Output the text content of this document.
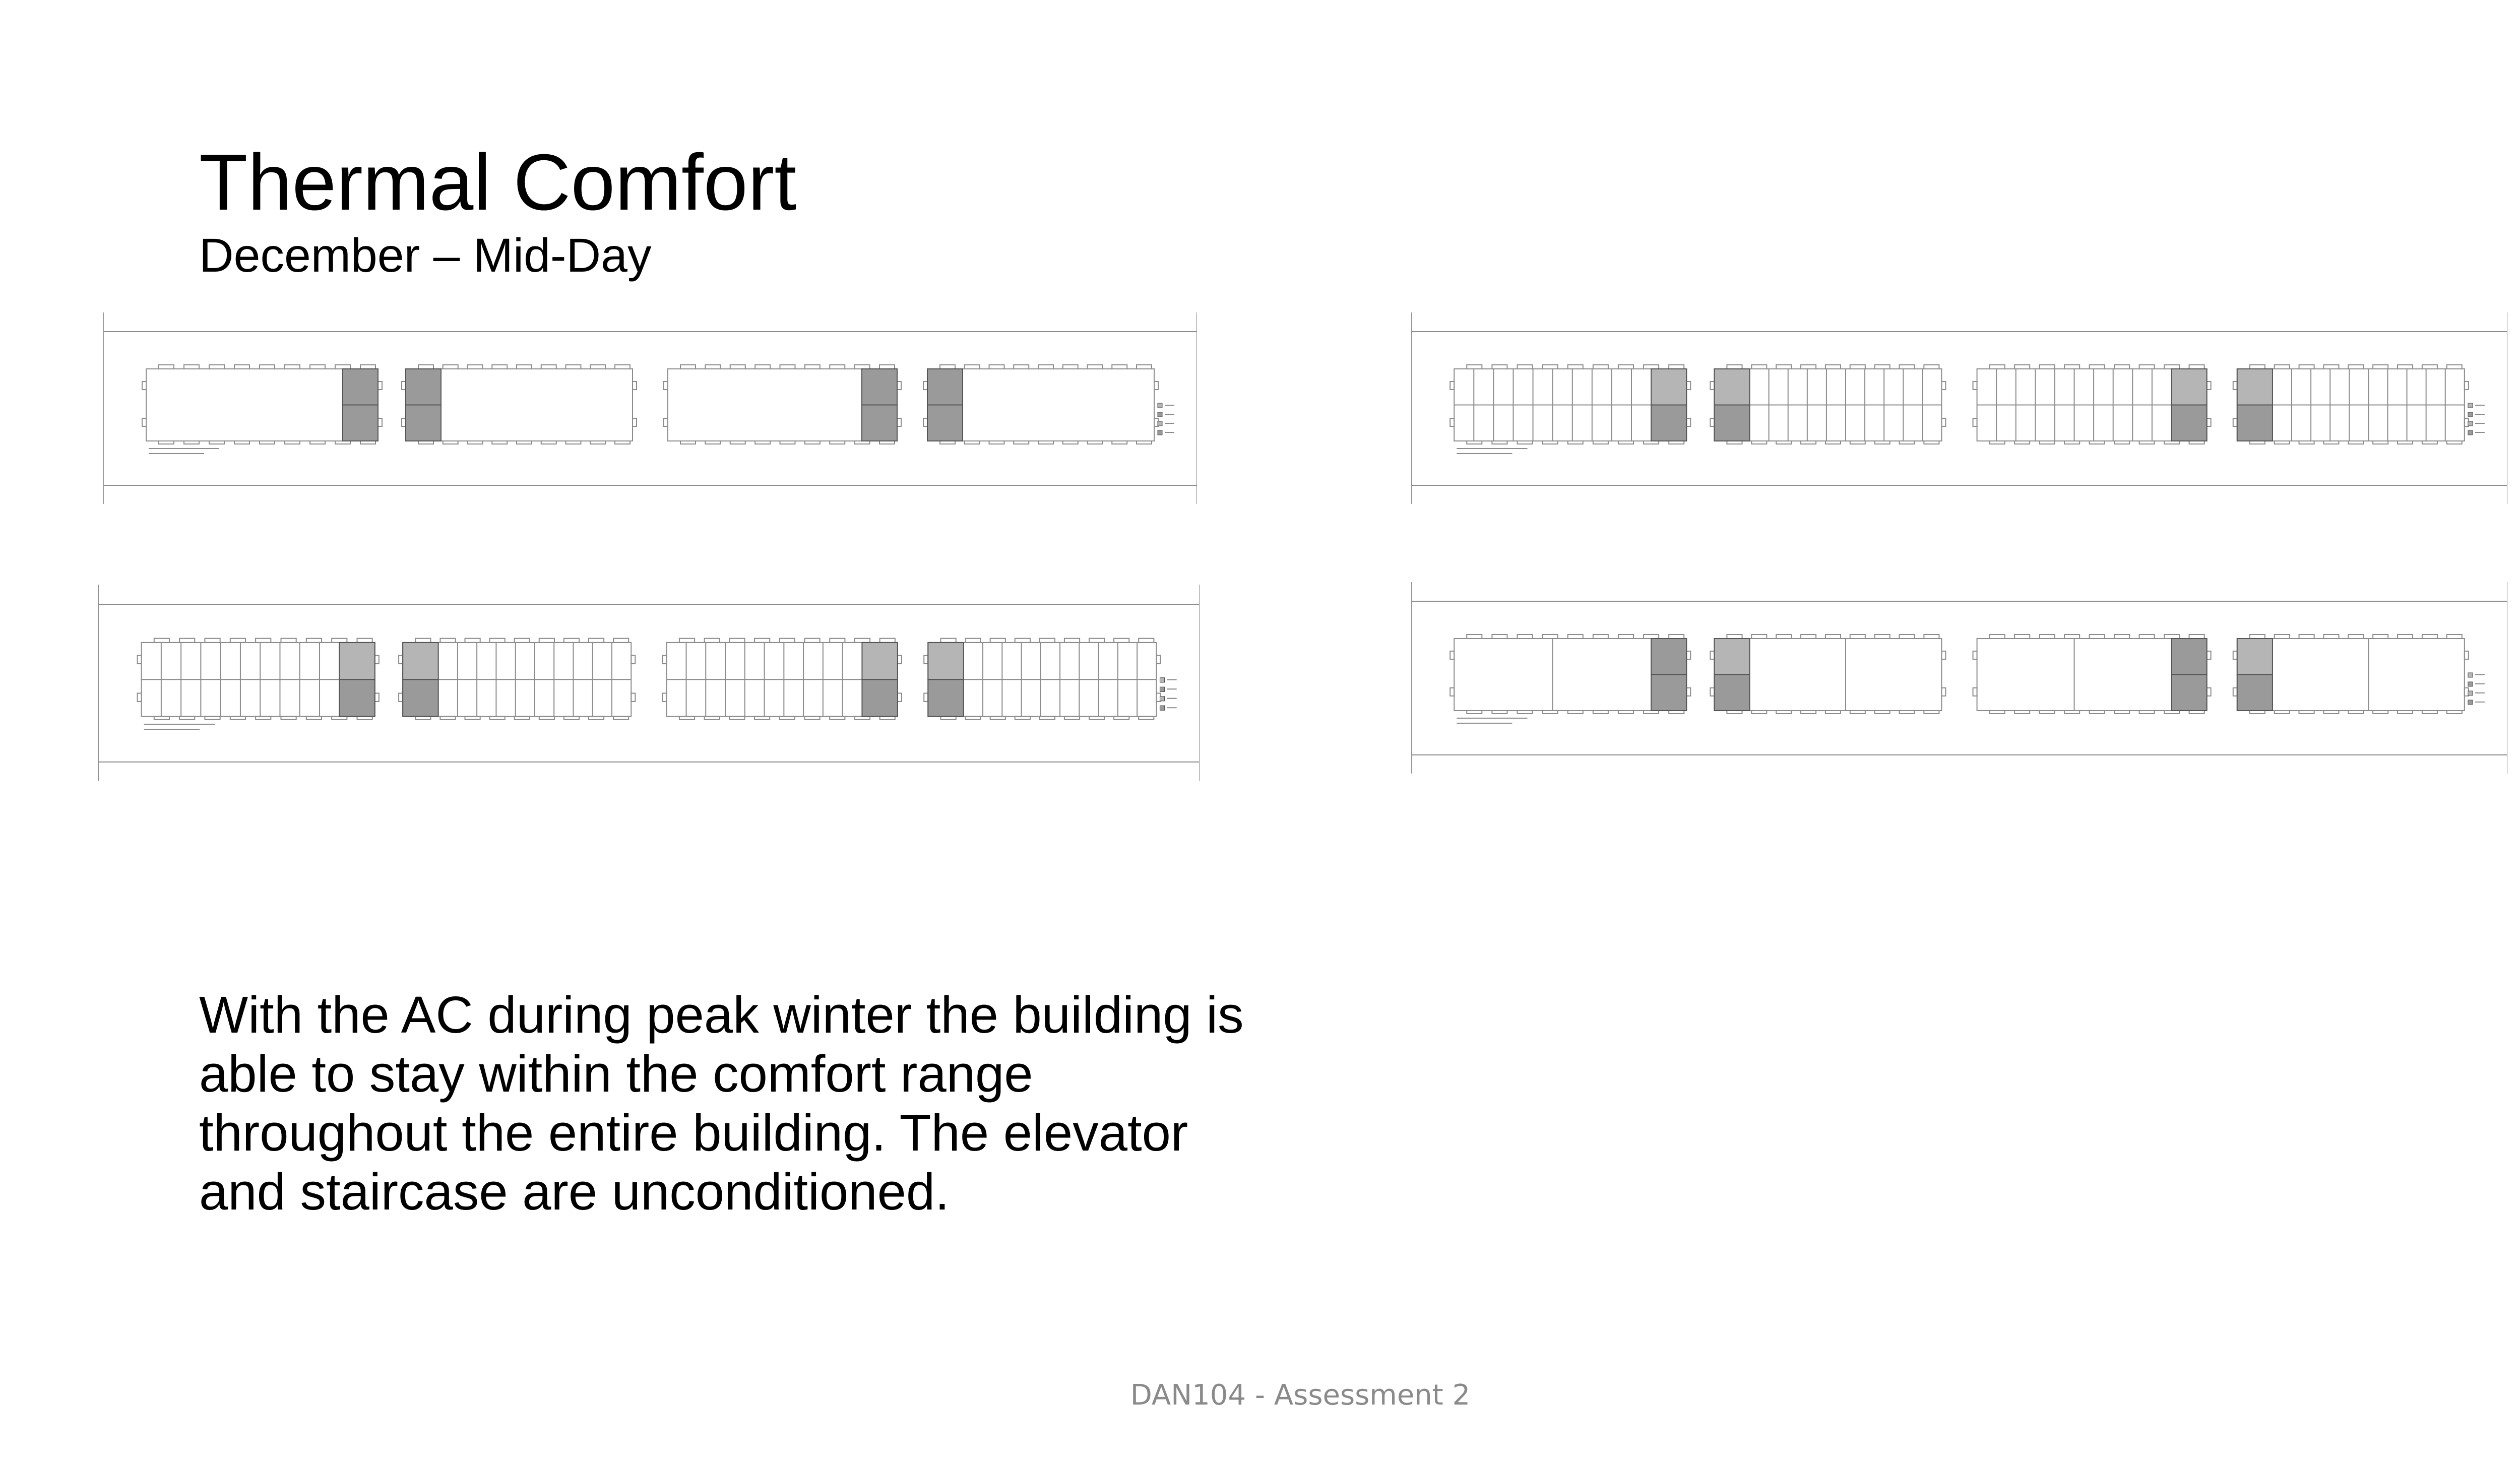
Thermal Comfort
December – Mid-Day

With the AC during peak winter the building is

able to stay within the comfort range

throughout the entire building. The elevator

and staircase are unconditioned.

DAN104 - Assessment 2
